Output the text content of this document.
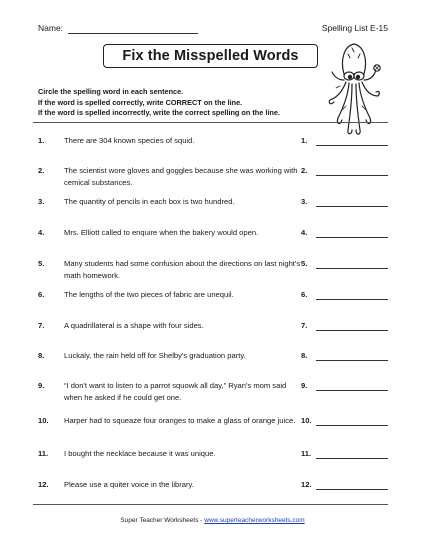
Name:	Spelling List E-15
Fix the Misspelled Words
Circle the spelling word in each sentence.
If the word is spelled correctly, write CORRECT on the line.
If the word is spelled incorrectly, write the correct spelling on the line.
1.	There are 304 known species of squid.	1.
2.	The scientist wore gloves and goggles because she was working with cemical substances.
2.
3.	The quantity of pencils in each box is two hundred.	3.
4.	Mrs. Elliott called to enquire when the bakery would open.	4.
5.	Many students had some confusion about the directions on last night's math homework.
5.
6.	The lengths of the two pieces of fabric are unequil.	6.
7.	A quadrillateral is a shape with four sides.	7.
8.	Luckaly, the rain held off for Shelby's graduation party.	8.
9.	“I don't want to listen to a parrot squowk all day,” Ryan's mom said when he asked if he could get one.
9.
10. Harper had to squeaze four oranges to make a glass of orange juice. 10.
11. I bought the necklace because it was unique.	11.
12. Please use a quiter voice in the library.	12.
Super Teacher Worksheets - www.superteacherworksheets.com
